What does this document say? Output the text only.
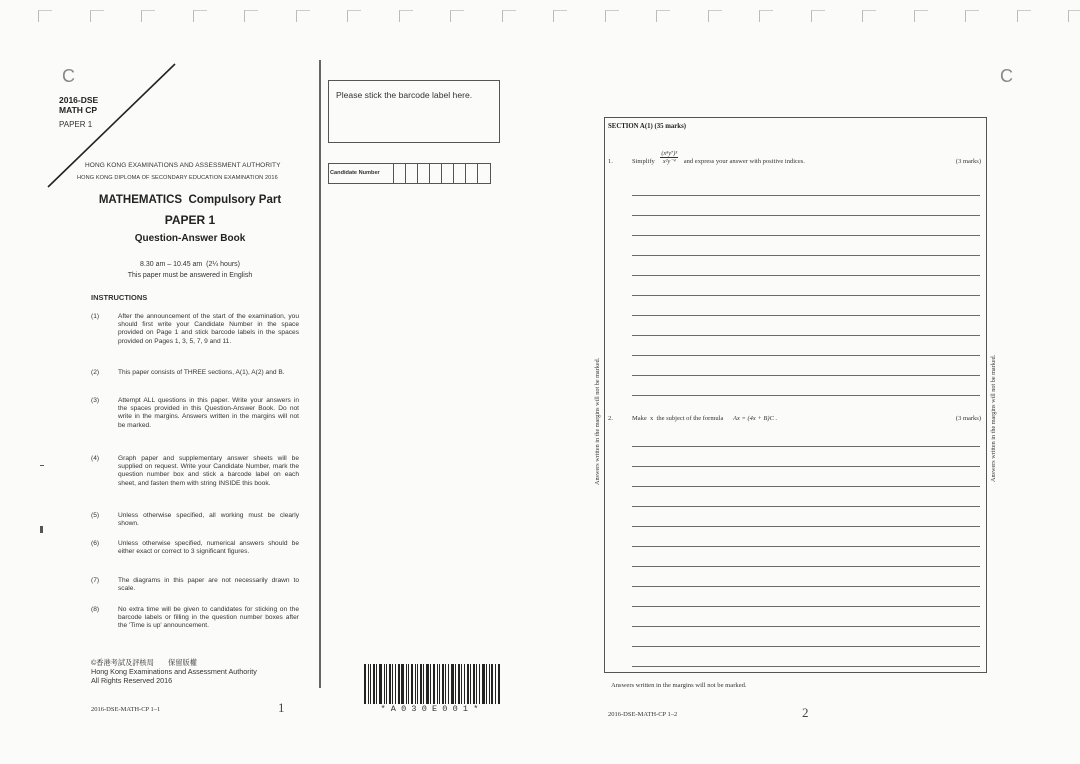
C
2016-DSE
MATH CP
PAPER 1
HONG KONG EXAMINATIONS AND ASSESSMENT AUTHORITY
HONG KONG DIPLOMA OF SECONDARY EDUCATION EXAMINATION 2016
MATHEMATICS  Compulsory Part
PAPER 1
Question-Answer Book
8.30 am – 10.45 am  (2¼ hours)
This paper must be answered in English
INSTRUCTIONS
(1)	After the announcement of the start of the examination, you should first write your Candidate Number in the space provided on Page 1 and stick barcode labels in the spaces provided on Pages 1, 3, 5, 7, 9 and 11.
(2)	This paper consists of THREE sections, A(1), A(2) and B.
(3)	Attempt ALL questions in this paper. Write your answers in the spaces provided in this Question-Answer Book. Do not write in the margins. Answers written in the margins will not be marked.
(4)	Graph paper and supplementary answer sheets will be supplied on request. Write your Candidate Number, mark the question number box and stick a barcode label on each sheet, and fasten them with string INSIDE this book.
(5)	Unless otherwise specified, all working must be clearly shown.
(6)	Unless otherwise specified, numerical answers should be either exact or correct to 3 significant figures.
(7)	The diagrams in this paper are not necessarily drawn to scale.
(8)	No extra time will be given to candidates for sticking on the barcode labels or filling in the question number boxes after the 'Time is up' announcement.
©香港考試及評核局　　保留版權
Hong Kong Examinations and Assessment Authority
All Rights Reserved 2016
2016-DSE-MATH-CP 1–1	1
Please stick the barcode label here.
Candidate Number
*A030E001*
C
SECTION A(1) (35 marks)
1.	Simplify $\frac{\text{(x⁸y⁷)³}}{\text{x²y⁻⁴}}$ and express your answer with positive indices.	(3 marks)
2.	Make  x  the subject of the formula Ax = (4x + B)C .	(3 marks)
Answers written in the margins will not be marked.	Answers written in the margins will not be marked.
Answers written in the margins will not be marked.
2016-DSE-MATH-CP 1–2	2
